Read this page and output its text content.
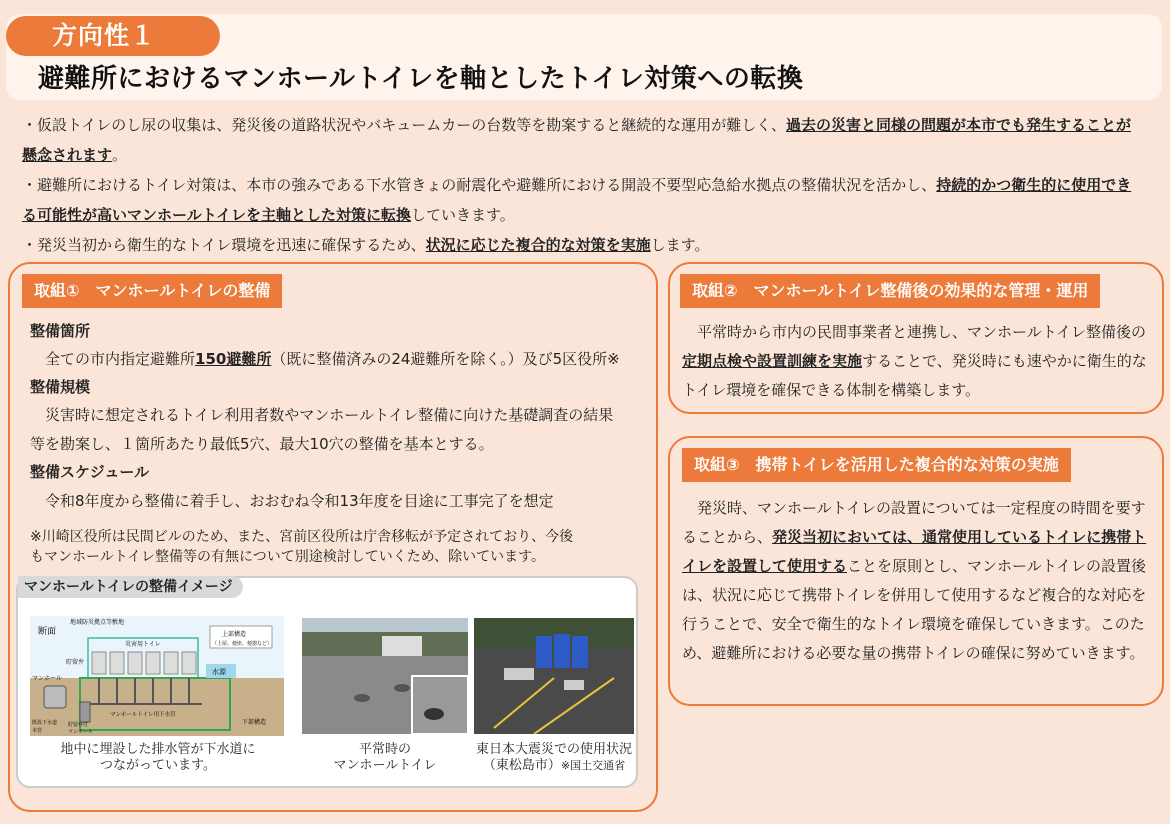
方向性１
避難所におけるマンホールトイレを軸としたトイレ対策への転換

・仮設トイレのし尿の収集は、発災後の道路状況やバキュームカーの台数等を勘案すると継続的な運用が難しく、過去の災害と同様の問題が本市でも発生することが懸念されます。

・避難所におけるトイレ対策は、本市の強みである下水管きょの耐震化や避難所における開設不要型応急給水拠点の整備状況を活かし、持続的かつ衛生的に使用できる可能性が高いマンホールトイレを主軸とした対策に転換していきます。

・発災当初から衛生的なトイレ環境を迅速に確保するため、状況に応じた複合的な対策を実施します。

取組①　マンホールトイレの整備
整備箇所
　全ての市内指定避難所150避難所（既に整備済みの24避難所を除く。）及び5区役所※
整備規模
　災害時に想定されるトイレ利用者数やマンホールトイレ整備に向けた基礎調査の結果
等を勘案し、１箇所あたり最低5穴、最大10穴の整備を基本とする。
整備スケジュール
　令和8年度から整備に着手し、おおむね令和13年度を目途に工事完了を想定
※川崎区役所は民間ビルのため、また、宮前区役所は庁舎移転が予定されており、今後
もマンホールトイレ整備等の有無について別途検討していくため、除いています。
マンホールトイレの整備イメージ
断面
地域防災拠点等敷地
上部構造
（上屋、便座、便器など）
災害用トイレ
水源
貯留弁
マンホール
マンホールトイレ用下水管
下部構造
既設下水道
本管
貯留弁付
マンホール
地中に埋設した排水管が下水道に
つながっています。
平常時の
マンホールトイレ
東日本大震災での使用状況
（東松島市）※国土交通省
取組②　マンホールトイレ整備後の効果的な管理・運用
　平常時から市内の民間事業者と連携し、マンホールトイレ整備後の定期点検や設置訓練を実施することで、発災時にも速やかに衛生的なトイレ環境を確保できる体制を構築します。
取組③　携帯トイレを活用した複合的な対策の実施
　発災時、マンホールトイレの設置については一定程度の時間を要することから、発災当初においては、通常使用しているトイレに携帯トイレを設置して使用することを原則とし、マンホールトイレの設置後は、状況に応じて携帯トイレを併用して使用するなど複合的な対応を行うことで、安全で衛生的なトイレ環境を確保していきます。このため、避難所における必要な量の携帯トイレの確保に努めていきます。
